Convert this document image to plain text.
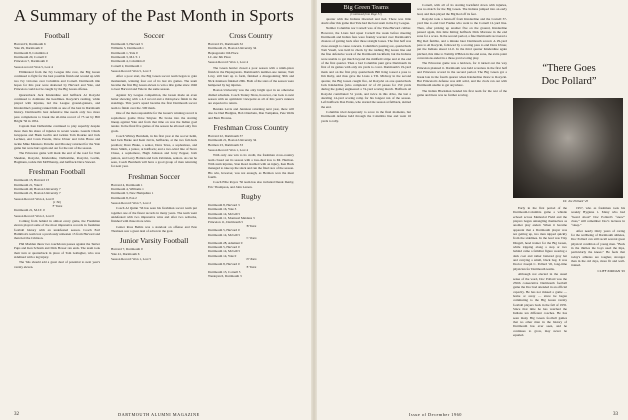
A Summary of the Past Month in Sports
Football
Harvard 9, Dartmouth 6
Yale 29, Dartmouth 0
Dartmouth 8, Columbia 4
Dartmouth 20, Cornell 0
Princeton 7, Dartmouth 0
Season record: Won 5, Lost 4

Eliminated from the Ivy League title race, the Big Green continued to fight for the best possible finish and wound up with two Ivy victories over Columbia and Cornell. Dartmouth title hopes for this year were shattered by Harvard and Yale, and Princeton could not be caught by the Big Green offense.

Quarterback Jack Kinderdine and halfback Al Rozycki continued to dominate the headlines. Rozycki's rushing, while played with injuries, led the League ground-gainers, and Kinderdine's passing ranked him as one of the best in Dartmouth history. Dartmouth's best defensive line needs only two more pass completions to break the all-time record of 75 set by Bill Bright '56 in 1954.

Captain Ken Delhomme continued to play superbly despite more than his share of injuries in recent weeks. Guards Chuck Gruppone and Hank Gorlin and tackles Tom Rourke and Jack Lechner, end Conn Prestia, Dave Ubner and John Hawe and tackle Mike Mennaro Perrelle and Mooney returned for the Yale game but were hurt again and out for the rest of the season.

The Princeton game will mark the end of the road for Tom Sheehan, Rozycki, Kinderdine, Delhomme, Rozycki, Gorlin, Hagmann, tackle Jim McElhenny, and halfback Dave Stewart.

Freshman Football
Dartmouth 13, Harvard 13
Dartmouth 21, Yale 0
Dartmouth 40, Boston University 7
Dartmouth 21, Boston University 7
Season Record: Won 4, Lost 0
(1 Tie)
‘F’ Team
Dartmouth 21, M.I.T. 0
Season Record: Won 2, Lost 0

Coming from behind in almost every game, the Freshman eleven played some of the most impressive records in freshman football history with an undefeated season. Coach Earl Hamilton's team lost a previously unbeaten 13 from Harvard and then tied the Crimson.

Phil Madden threw two touchdown passes against the Terrier Pups and Ken Schram and Dick Bower ran ends. The team took their turn at quarterback in place of Tom Gallagher, who was sidelined with a leg injury.

The '64s should add a great deal of potential to next year's varsity eleven.

Soccer
Dartmouth 3, Harvard 3
Williams 3, Dartmouth 1
Dartmouth 1, Yale 0
Dartmouth 3, M.I.T. 1
Dartmouth 4, Columbia 0
Cornell 2, Dartmouth 1
Season Record: Won 5, Lost 3

After a poor start, the Big Green soccer team began to gain momentum, winning four out of its last six games. The team became the first Big Green eleven to win a title game since 1946 to beat Harvard and Yale in the same season.

Against Ivy League competition, the Green made an even better showing with a 4-3 record and a third-place finish in the standings. This year's squad became the first Dartmouth soccer team to finish over the .500 mark.

One of the men responsible for the Green's winning record is sophomore goalie Dave Smyser. He broke into the starting lineup against Yale and from that time on was the Indian goal tender. In the final five games of the season he allowed only five goals.

Coach Whitey Burnham, in his first year at the soccer helm, had Jack Burke and Kent Jarvis, halfbacks, at the two full-back position; Dave Blake, a senior, Dave Tews, a sophomore, and Dave Smith, a junior, at halfback; and a two-wind line of Steve Chase, a sophomore, Hugh Johnson and Jerry Pepper, both juniors, and Larry Holden and Jack Zabriskie, seniors. As can be seen, Coach Burnham will have a good group of men returning for next year.

Freshman Soccer
Harvard 4, Dartmouth 1
Dartmouth 4, Williams 1
Dartmouth 3, New Hampshire 1
Dartmouth 8, Pan 2
Season Record: Won 7, Lost 2

Coach Al Quinn '56 has seen his freshman soccer team put together one of the finest records in many years. The team went undefeated with two impressive wins and after two setbacks, finished with three more wins.

Center Ross Bethis was a standout on offense and Pete Thomsen saw a great deal of action in the goal.

Junior Varsity Football
Harvard 7, Dartmouth 0
Yale 41, Dartmouth 6
Season Record: Won 1, Lost 5
Cross Country
Harvard 25, Dartmouth 32
Dartmouth 21, Boston University 34
Heptagonals: 6th Place
I.C.4A: 6th Place
Season Record: Won 1, Lost 4

The Green harrier closed a poor season with a ninth-place finish in the Heptagonals. Dartmouth's number-one runner, Tom Lavy, still hurt up to form, finished a disappointing 30th and Nick Jennison finished 29th. Both of the stars of the season were hampered by leg injuries.

Boston University was the only bright spot in an otherwise dismal schedule. Coach Trenny Shaw, however, can look to next season with an optimistic viewpoint as all of this year's runners are expected to return.

Besides Lavis and Jennison returning next year, there will also be Dud Hudgins, Bob Otterbein, Dan Tompkins, Pete Wells and Bern Browne.

Freshman Cross Country
Harvard 22, Dartmouth 37
Dartmouth 21, Boston University 34
Hermon 23, Dartmouth 33
Season Record: Won 1, Lost 4

With only one win to its credit, the freshman cross-country team closed out its season with a loss-dual loss to Mt. Hermon. With stem injuries, Stan Reed doubled with an injury, Ken Buck managed to take up the slack and run the final race of the season. His win, however, was not enough, as Hermon won the meet fourth.

Coach Ellie Royce '56 team has also included Derek Denby, Eric Thompson, and John Larsen.

Rugby
Dartmouth 8, Harvard 3
Dartmouth 16, Yale 3
Dartmouth 14, McGill 5
Dartmouth 11, Montreal Maidens 3
Princeton 11, Dartmouth 5
‘B’ Team
Dartmouth 5, Harvard 0
Dartmouth 14, McGill 5
‘C’ Team
Dartmouth 28, Adamant 0
Dartmouth 5, Harvard 0
Dartmouth 14, McGill 5
Dartmouth 14, Yale 0
‘D’ Team
Dartmouth 8, Harvard 0
‘E’ Team
Dartmouth 13, Cornell 5
Wesleyan 6, Dartmouth 3
32	DARTMOUTH ALUMNI MAGAZINE
Big Green Teams
(Continued from Page 31)

quarter with the Indians thwarted and tied. There was little doubt after this game that Yale had the best team in the Ivy League.

Neither Columbia nor Cornell was of the Yale-Harvard caliber. However, the Lions had upset Cornell the week before meeting Dartmouth and Indian fans were frankly worried over Dartmouth's chances of getting back after three straight losses. The first half was close enough to cause concern. Columbia's passing ace, quarterback Tom Vasell, was held in check by the rushing Big Green line and the fine defensive work of the Dartmouth backfield, but the Indians were unable to get much beyond the midfield stripe and at the end of the first quarter. Then a bad Columbia punt gave Dartmouth its first of its games with only six yards to cover. Dartmouth's 19-yard mark and on the first play quarterback Bill King tossed a pass to Jim Ruby, and thus gave the Lions a TD. Midway in the second quarter, the Big Green caught fire, Al Rozycki on one quarterback Jack Kinderdine (who completed 12 of 20 passes for 150 yards during the game) engineered a 74-yard scoring march. Halfback Al Rozycki contributed 51 yards, and twice in this drive, the last a dazzling 14-yard scoring romp for his longest run of the season. Left halfback Don Ennis, who started the season at fullback, skirted the end.

Columbia tried desperately to score in the final moments, but Dartmouth defense held through the Columbia line and went 16 yards to tally.

Cornell, with all of its starting backfield down with injuries, was no match for the Big Green. The Indians jumped into an early lead, and then played the Big Red off its feet.

Rozycki took a hand-off from Kinderdine and the Cornell 37-yard line to end Curt Faulke who went to the Cornell 12-yard line. Then, after picking up another five on the ground, Kinderdine passed again, this time hitting halfback Dick Marrone in the end zone for a score. In the second period, a fine Dartmouth recovered a Big Red fumble, and a minute later Dartmouth scored. A 29-yard pass to Al Rozycki, followed by a scoring pass to end Dave Ubner, put the Indians ahead 12-0. In the third quarter Kinderdine again pitched, this time to Tommy O'Brien in the end zone, the extra point conversions ended in a three-yard scoring play.

The Princeton game was a letdown, for it turned out the way Princeton planned it. Dartmouth was held scoreless in the first half and Princeton scored in the second period. The Big Green got a break late in the fourth quarter when Kinderdine threw to Rozycki. But Princeton's defense was still solid, and the clock ran out with Dartmouth unable to get anywhere.

The Indian Blackman bended his first team for the rest of the game and there was no further scoring.

“There Goes
Doc Pollard”
Dr. Joe Pollard '45

Early in the first period of the Dartmouth-Columbia game a whistle echoed across Memorial Field and the players began untangling themselves as another play ended. When it became apparent that a Dartmouth player was not getting up, two men nipped quickly from the sidelines. In the lead was Tiny Dingell, head trainer for the Big Green, while tripping along a step or two behind came a familiar figure wearing a dark coat and rather battered gray hat and carrying a small, black bag. It was Doctor Joseph C. Pollard '45, long-time physician for Dartmouth teams.

Although not elected in the usual sense of the word, Doc Pollard was the 256th consecutive Dartmouth football game the Doc had attended in an official capacity. He has not missed a game — home or away — since he began commuting to the Big Green varsity football players back in the fall of 1935. Since that time he has watched the Indians ten different coaches. He has seen many Big Green football games that no other man in the history of Dartmouth has ever seen, and he continues to grow, may never be equaled.

1957, who as freshmen took his weekly Hygiene 1. Many who had “heard about” Doc Pollard's “snow” class,” still remember Doc's lectures in “sleep.”

After nearly thirty years of caring for the wellbeing of Dartmouth athletes, Doc Pollard can still recall several great physical condition of young men. “Back in the thirties the boys used the hips, particularly the knees.” He feels that today's athletes are tougher, stronger than in the old days, more fit and well-trained.

CLIFF JORDAN '45
Issue of December 1960	33
